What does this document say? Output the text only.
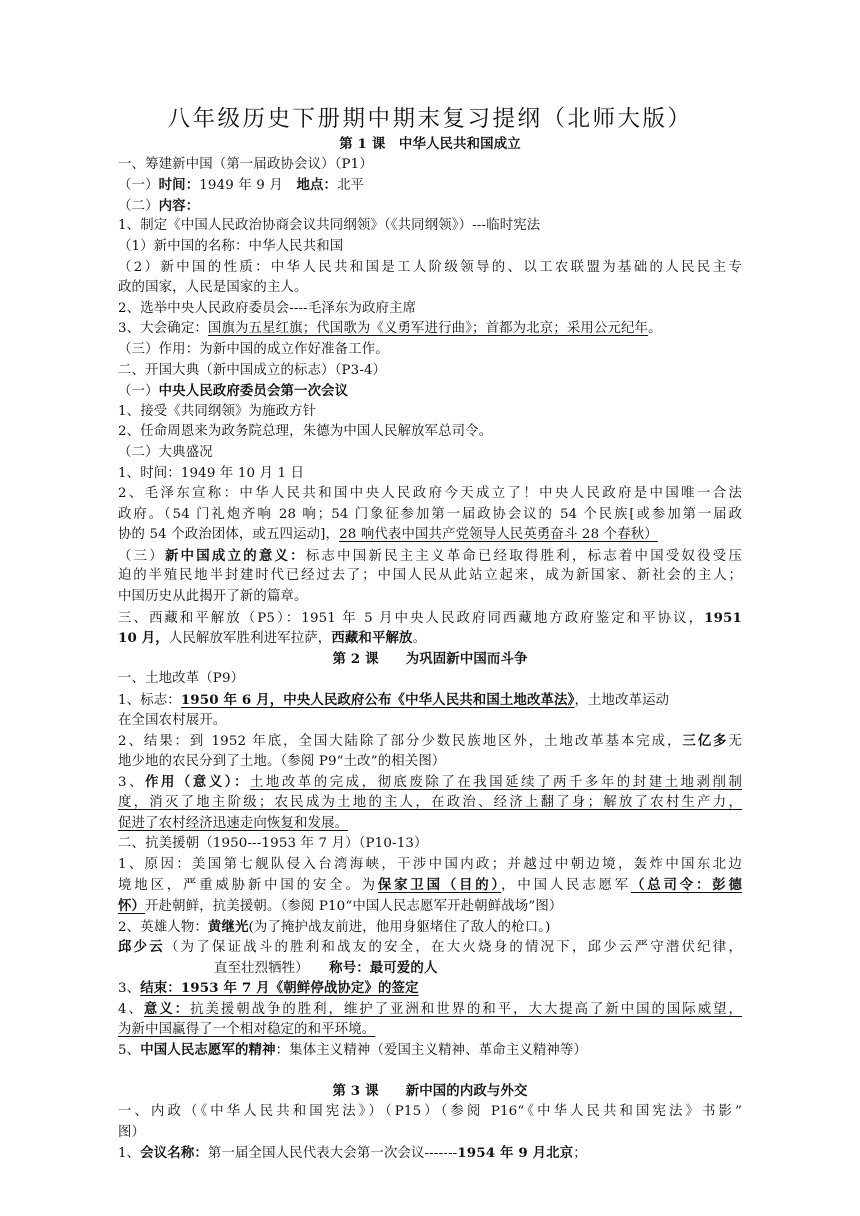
八年级历史下册期中期末复习提纲（北师大版）
第 1 课　中华人民共和国成立
一、筹建新中国（第一届政协会议）（P1）
（一）时间：1949 年 9 月　地点：北平
（二）内容：
1、制定《中国人民政治协商会议共同纲领》（《共同纲领》）---临时宪法
（1）新中国的名称：中华人民共和国
（2）新中国的性质：中华人民共和国是工人阶级领导的、以工农联盟为基础的人民民主专
政的国家，人民是国家的主人。
2、选举中央人民政府委员会----毛泽东为政府主席
3、大会确定：国旗为五星红旗；代国歌为《义勇军进行曲》；首都为北京；采用公元纪年。
（三）作用：为新中国的成立作好准备工作。
二、开国大典（新中国成立的标志）（P3-4）
（一）中央人民政府委员会第一次会议
1、接受《共同纲领》为施政方针
2、任命周恩来为政务院总理，朱德为中国人民解放军总司令。
（二）大典盛况
1、时间：1949 年 10 月 1 日
2、毛泽东宣称：中华人民共和国中央人民政府今天成立了！中央人民政府是中国唯一合法
政府。（54 门礼炮齐响 28 响；54 门象征参加第一届政协会议的 54 个民族[或参加第一届政
协的 54 个政治团体，或五四运动]，28 响代表中国共产党领导人民英勇奋斗 28 个春秋）
（三）新中国成立的意义：标志中国新民主主义革命已经取得胜利，标志着中国受奴役受压
迫的半殖民地半封建时代已经过去了；中国人民从此站立起来，成为新国家、新社会的主人；
中国历史从此揭开了新的篇章。
三、西藏和平解放（P5）：1951 年 5 月中央人民政府同西藏地方政府鉴定和平协议，1951
10 月，人民解放军胜利进军拉萨，西藏和平解放。
第 2 课　　为巩固新中国而斗争
一、土地改革（P9）
1、标志：1950 年 6 月，中央人民政府公布《中华人民共和国土地改革法》，土地改革运动
在全国农村展开。
2、结果：到 1952 年底，全国大陆除了部分少数民族地区外，土地改革基本完成，三亿多无
地少地的农民分到了土地。（参阅 P9“土改”的相关图）
3、作用（意义）：土地改革的完成，彻底废除了在我国延续了两千多年的封建土地剥削制
度，消灭了地主阶级；农民成为土地的主人，在政治、经济上翻了身；解放了农村生产力，
促进了农村经济迅速走向恢复和发展。
二、抗美援朝（1950---1953 年 7 月）（P10-13）
1、原因：美国第七舰队侵入台湾海峡，干涉中国内政；并越过中朝边境，轰炸中国东北边
境地区，严重威胁新中国的安全。为保家卫国（目的），中国人民志愿军（总司令：彭德
怀）开赴朝鲜，抗美援朝。（参阅 P10“中国人民志愿军开赴朝鲜战场”图）
2、英雄人物：黄继光(为了掩护战友前进，他用身躯堵住了敌人的枪口。)
邱少云（为了保证战斗的胜利和战友的安全，在大火烧身的情况下，邱少云严守潜伏纪律，
直至壮烈牺牲）　　称号：最可爱的人
3、结束：1953 年 7 月《朝鲜停战协定》的签定
4、意义：抗美援朝战争的胜利，维护了亚洲和世界的和平，大大提高了新中国的国际威望，
为新中国赢得了一个相对稳定的和平环境。
5、中国人民志愿军的精神：集体主义精神（爱国主义精神、革命主义精神等）
第 3 课　　新中国的内政与外交
一、内政（《中华人民共和国宪法》）（P15）（参阅 P16“《中华人民共和国宪法》书影”
图）
1、会议名称：第一届全国人民代表大会第一次会议-------1954 年 9 月北京；
